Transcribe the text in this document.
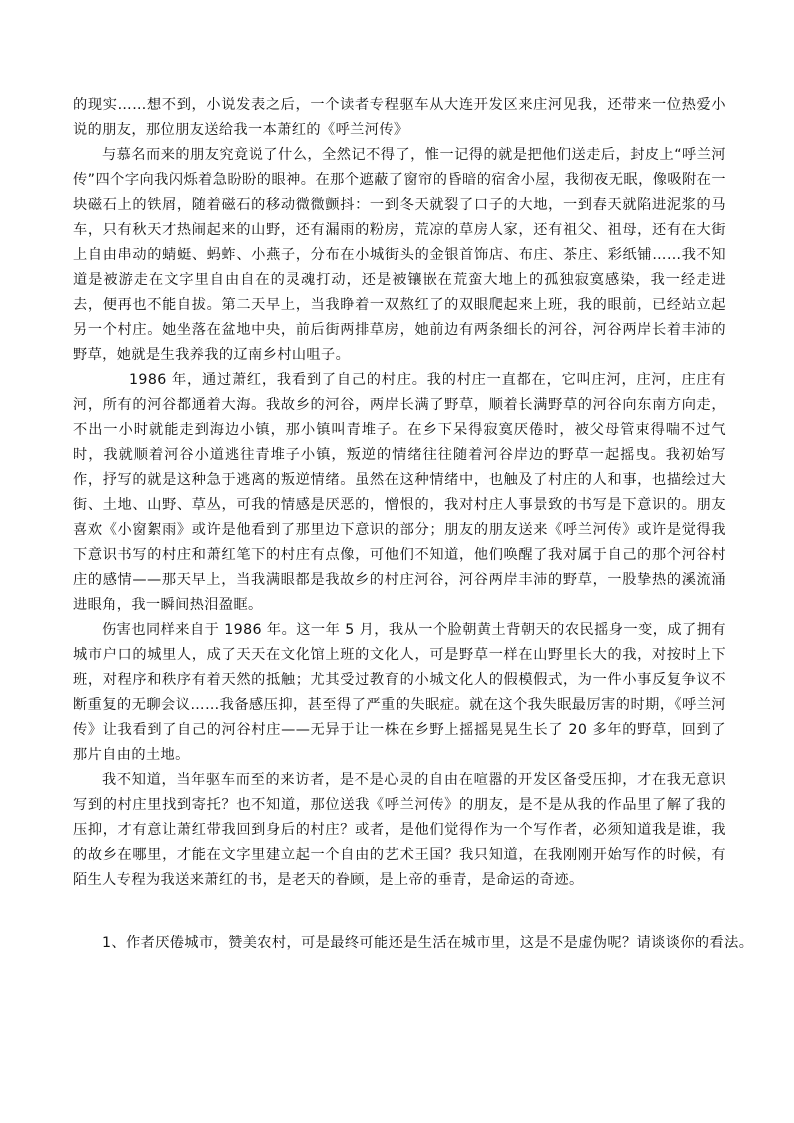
的现实……想不到，小说发表之后，一个读者专程驱车从大连开发区来庄河见我，还带来一位热爱小说的朋友，那位朋友送给我一本萧红的《呼兰河传》

与慕名而来的朋友究竟说了什么，全然记不得了，惟一记得的就是把他们送走后，封皮上“呼兰河传”四个字向我闪烁着急盼盼的眼神。在那个遮蔽了窗帘的昏暗的宿舍小屋，我彻夜无眠，像吸附在一块磁石上的铁屑，随着磁石的移动微微颤抖：一到冬天就裂了口子的大地，一到春天就陷进泥浆的马车，只有秋天才热闹起来的山野，还有漏雨的粉房，荒凉的草房人家，还有祖父、祖母，还有在大街上自由串动的蜻蜓、蚂蚱、小燕子，分布在小城街头的金银首饰店、布庄、茶庄、彩纸铺……我不知道是被游走在文字里自由自在的灵魂打动，还是被镶嵌在荒蛮大地上的孤独寂寞感染，我一经走进去，便再也不能自拔。第二天早上，当我睁着一双熬红了的双眼爬起来上班，我的眼前，已经站立起另一个村庄。她坐落在盆地中央，前后街两排草房，她前边有两条细长的河谷，河谷两岸长着丰沛的野草，她就是生我养我的辽南乡村山咀子。

1986 年，通过萧红，我看到了自己的村庄。我的村庄一直都在，它叫庄河，庄河，庄庄有河，所有的河谷都通着大海。我故乡的河谷，两岸长满了野草，顺着长满野草的河谷向东南方向走，不出一小时就能走到海边小镇，那小镇叫青堆子。在乡下呆得寂寞厌倦时，被父母管束得喘不过气时，我就顺着河谷小道逃往青堆子小镇，叛逆的情绪往往随着河谷岸边的野草一起摇曳。我初始写作，抒写的就是这种急于逃离的叛逆情绪。虽然在这种情绪中，也触及了村庄的人和事，也描绘过大街、土地、山野、草丛，可我的情感是厌恶的，憎恨的，我对村庄人事景致的书写是下意识的。朋友喜欢《小窗絮雨》或许是他看到了那里边下意识的部分；朋友的朋友送来《呼兰河传》或许是觉得我下意识书写的村庄和萧红笔下的村庄有点像，可他们不知道，他们唤醒了我对属于自己的那个河谷村庄的感情——那天早上，当我满眼都是我故乡的村庄河谷，河谷两岸丰沛的野草，一股挚热的溪流涌进眼角，我一瞬间热泪盈眶。

伤害也同样来自于 1986 年。这一年 5 月，我从一个脸朝黄土背朝天的农民摇身一变，成了拥有城市户口的城里人，成了天天在文化馆上班的文化人，可是野草一样在山野里长大的我，对按时上下班，对程序和秩序有着天然的抵触；尤其受过教育的小城文化人的假模假式，为一件小事反复争议不断重复的无聊会议……我备感压抑，甚至得了严重的失眠症。就在这个我失眠最厉害的时期，《呼兰河传》让我看到了自己的河谷村庄——无异于让一株在乡野上摇摇晃晃生长了 20 多年的野草，回到了那片自由的土地。

我不知道，当年驱车而至的来访者，是不是心灵的自由在喧嚣的开发区备受压抑，才在我无意识写到的村庄里找到寄托？也不知道，那位送我《呼兰河传》的朋友，是不是从我的作品里了解了我的压抑，才有意让萧红带我回到身后的村庄？或者，是他们觉得作为一个写作者，必须知道我是谁，我的故乡在哪里，才能在文字里建立起一个自由的艺术王国？我只知道，在我刚刚开始写作的时候，有陌生人专程为我送来萧红的书，是老天的眷顾，是上帝的垂青，是命运的奇迹。

1、作者厌倦城市，赞美农村，可是最终可能还是生活在城市里，这是不是虚伪呢？请谈谈你的看法。
